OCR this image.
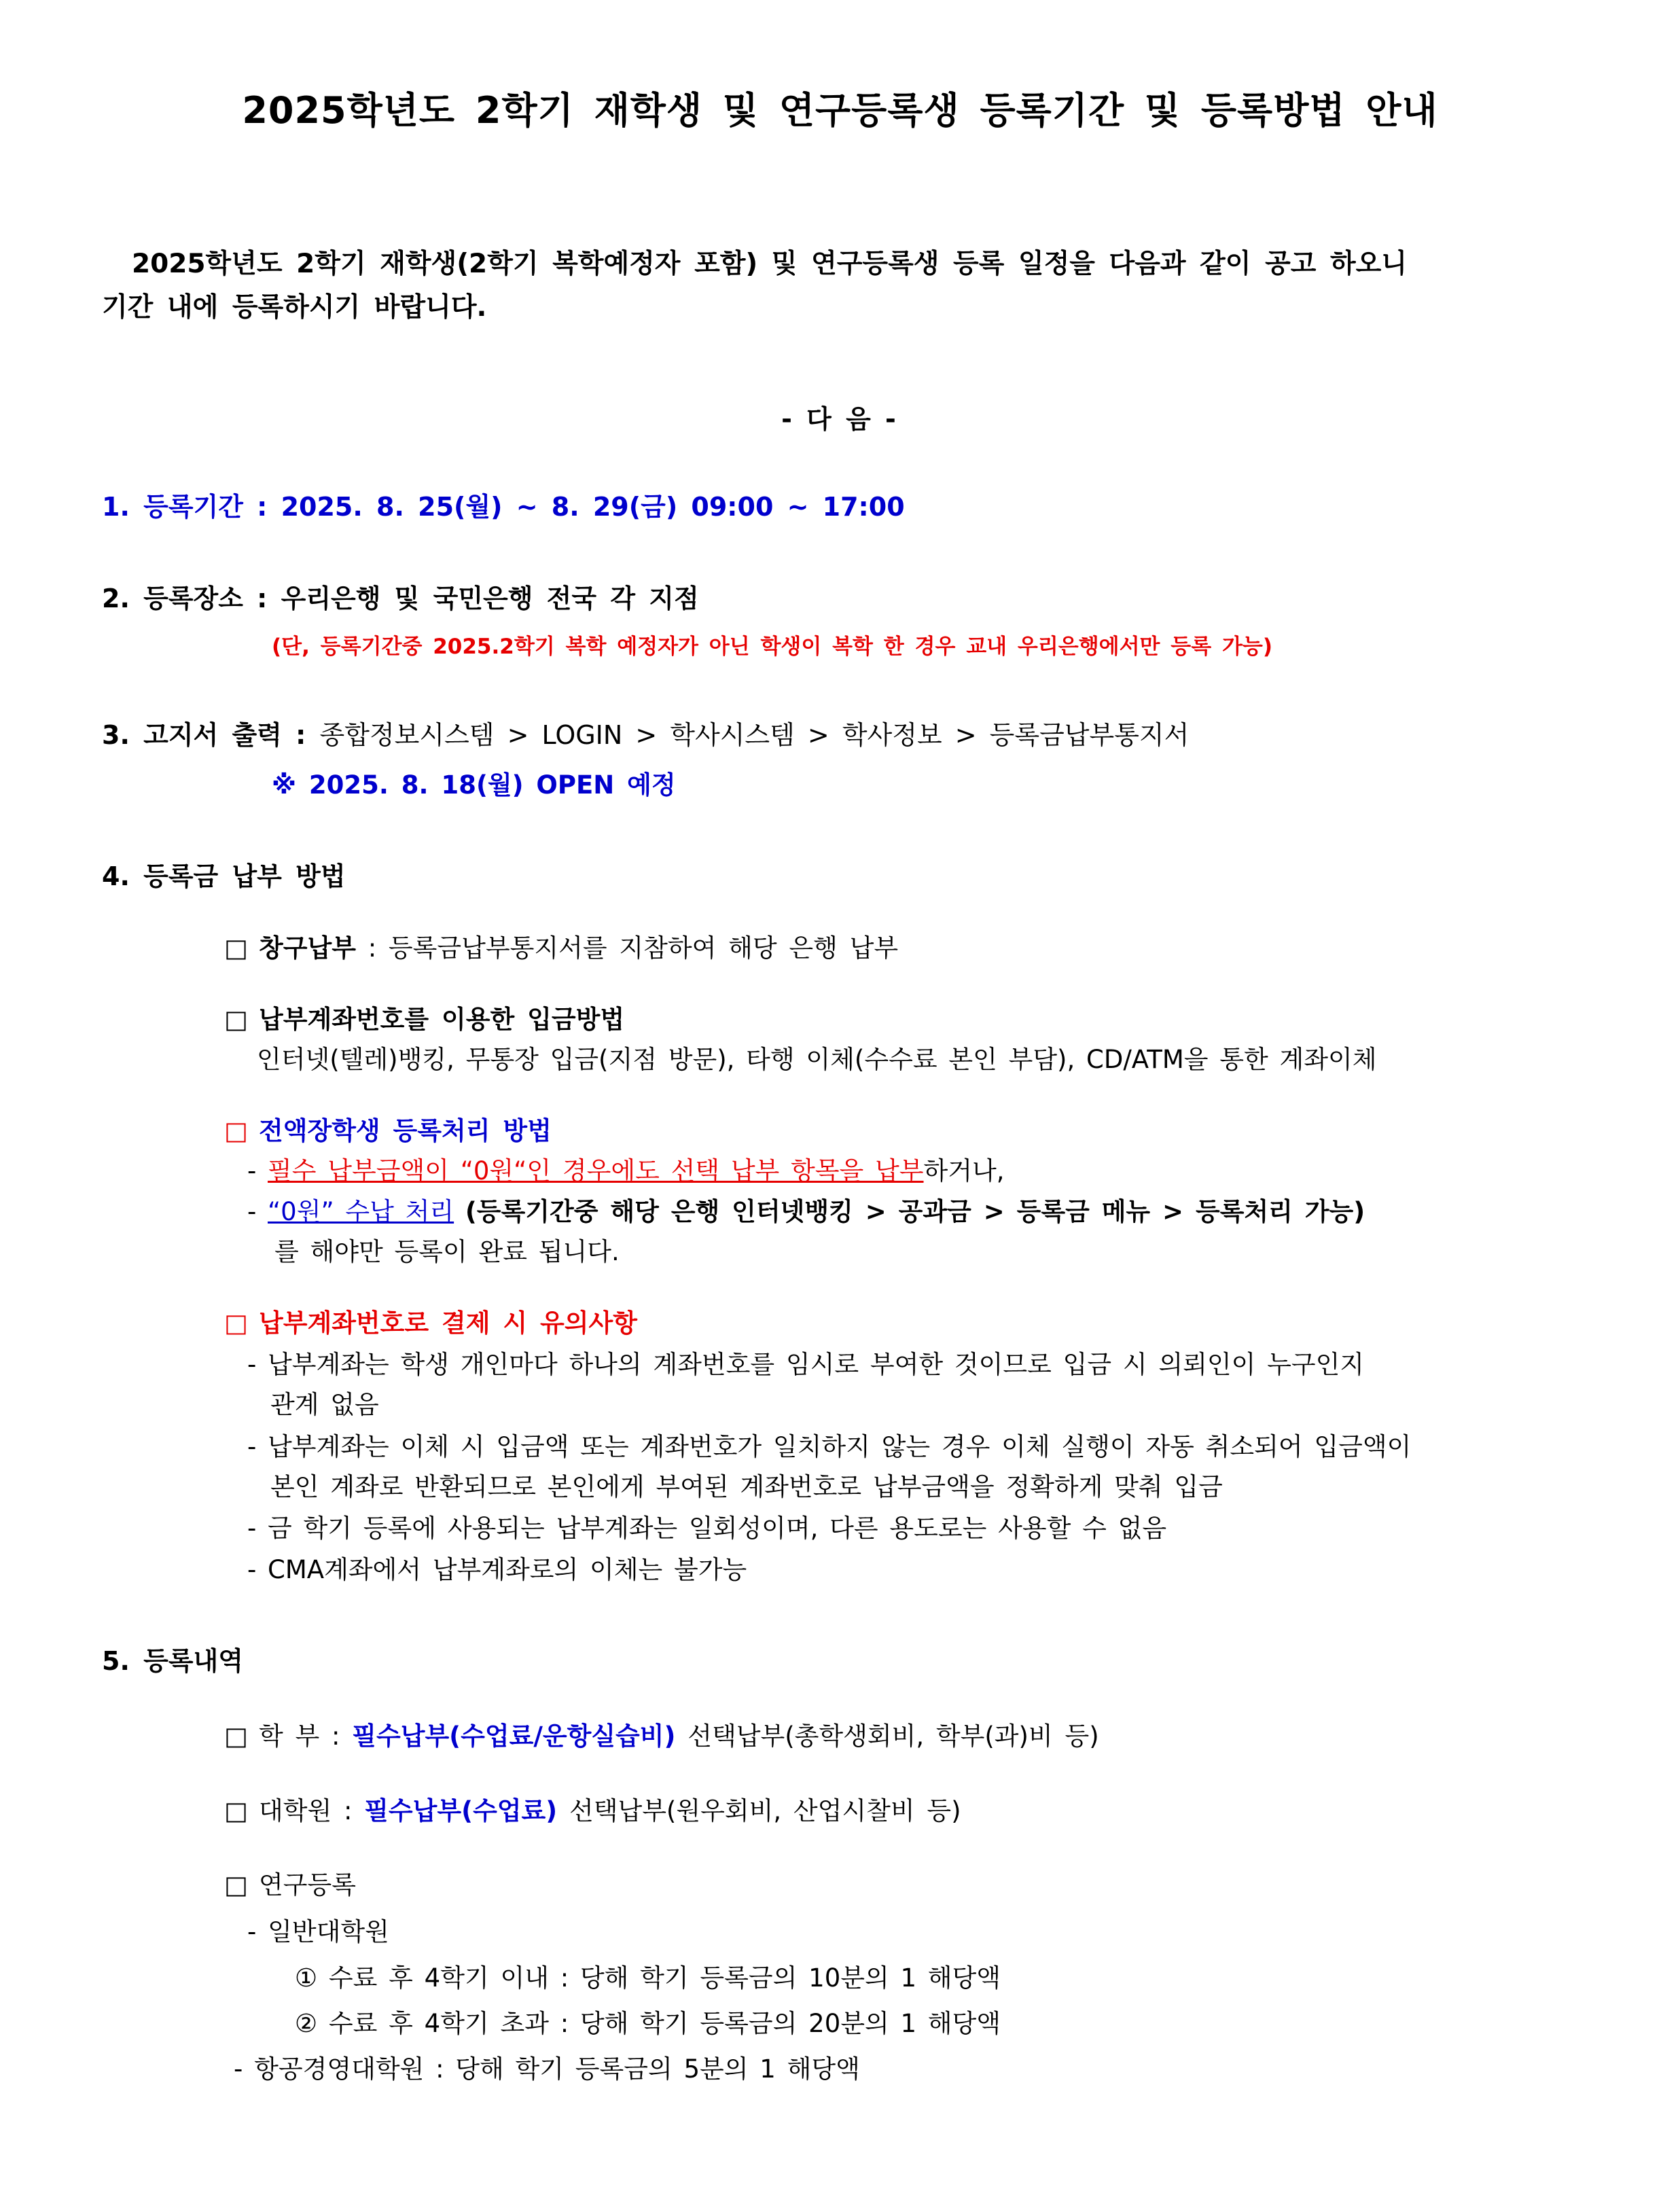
2025학년도 2학기 재학생 및 연구등록생 등록기간 및 등록방법 안내
2025학년도 2학기 재학생(2학기 복학예정자 포함) 및 연구등록생 등록 일정을 다음과 같이 공고 하오니
기간 내에 등록하시기 바랍니다.
- 다 음 -
1. 등록기간 : 2025. 8. 25(월) ~ 8. 29(금) 09:00 ~ 17:00
2. 등록장소 : 우리은행 및 국민은행 전국 각 지점
(단, 등록기간중 2025.2학기 복학 예정자가 아닌 학생이 복학 한 경우 교내 우리은행에서만 등록 가능)
3. 고지서 출력 : 종합정보시스템 > LOGIN > 학사시스템 > 학사정보 > 등록금납부통지서
※ 2025. 8. 18(월) OPEN 예정
4. 등록금 납부 방법
□ 창구납부 : 등록금납부통지서를 지참하여 해당 은행 납부
□ 납부계좌번호를 이용한 입금방법
인터넷(텔레)뱅킹, 무통장 입금(지점 방문), 타행 이체(수수료 본인 부담), CD/ATM을 통한 계좌이체
□ 전액장학생 등록처리 방법
- 필수 납부금액이 “0원“인 경우에도 선택 납부 항목을 납부하거나,
- “0원” 수납 처리 (등록기간중 해당 은행 인터넷뱅킹 > 공과금 > 등록금 메뉴 > 등록처리 가능)
를 해야만 등록이 완료 됩니다.
□ 납부계좌번호로 결제 시 유의사항
- 납부계좌는 학생 개인마다 하나의 계좌번호를 임시로 부여한 것이므로 입금 시 의뢰인이 누구인지
관계 없음
- 납부계좌는 이체 시 입금액 또는 계좌번호가 일치하지 않는 경우 이체 실행이 자동 취소되어 입금액이
본인 계좌로 반환되므로 본인에게 부여된 계좌번호로 납부금액을 정확하게 맞춰 입금
- 금 학기 등록에 사용되는 납부계좌는 일회성이며, 다른 용도로는 사용할 수 없음
- CMA계좌에서 납부계좌로의 이체는 불가능
5. 등록내역
□ 학 부 : 필수납부(수업료/운항실습비) 선택납부(총학생회비, 학부(과)비 등)
□ 대학원 : 필수납부(수업료) 선택납부(원우회비, 산업시찰비 등)
□ 연구등록
- 일반대학원
① 수료 후 4학기 이내 : 당해 학기 등록금의 10분의 1 해당액
② 수료 후 4학기 초과 : 당해 학기 등록금의 20분의 1 해당액
- 항공경영대학원 : 당해 학기 등록금의 5분의 1 해당액
